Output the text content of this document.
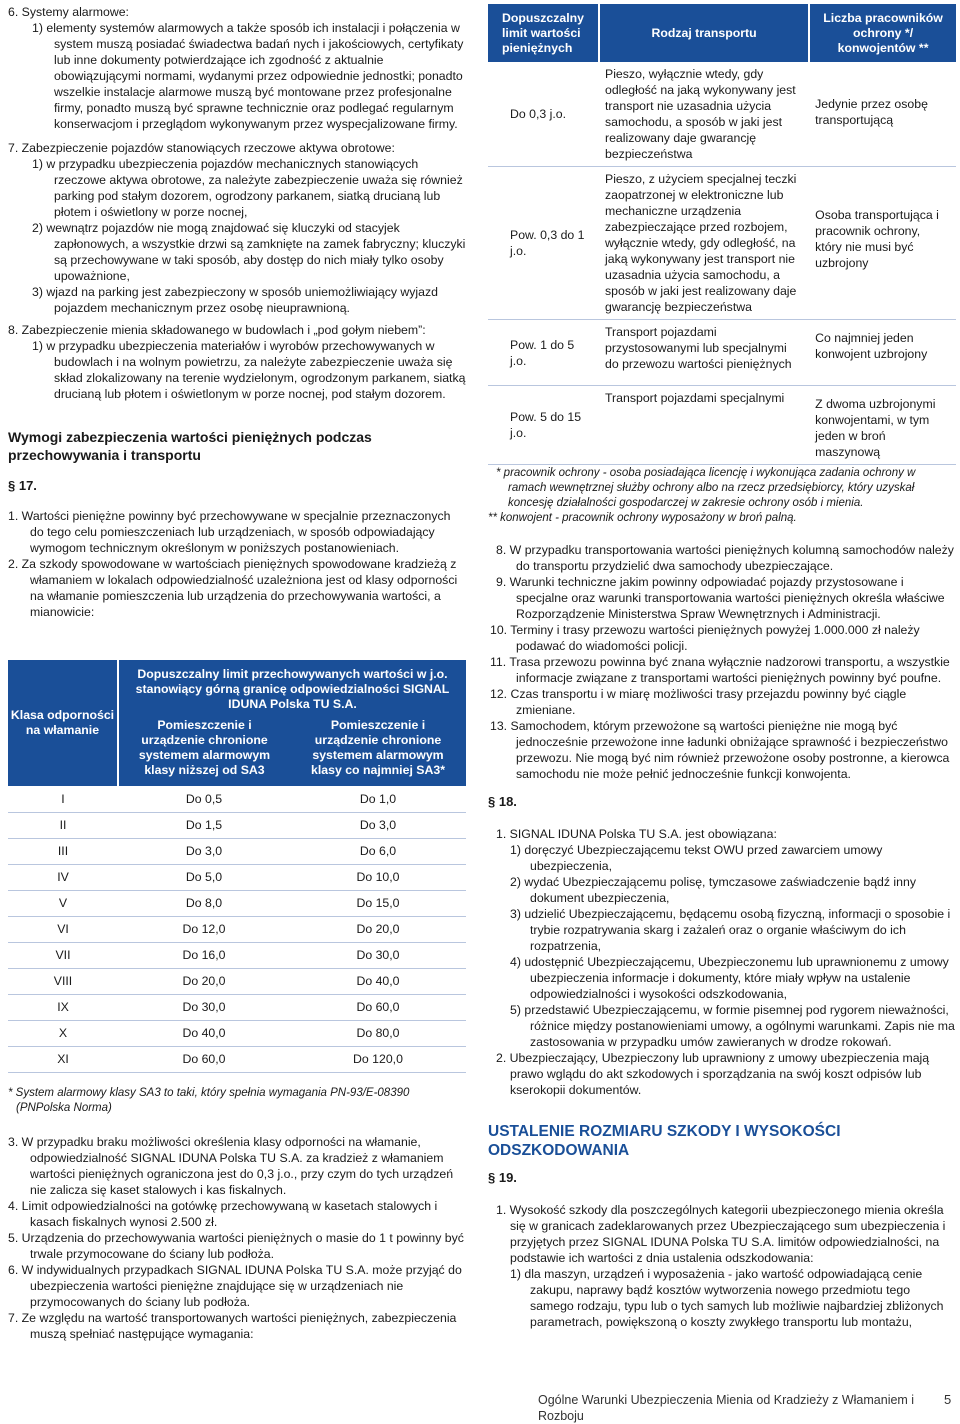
6. Systemy alarmowe:
1) elementy systemów alarmowych a także sposób ich instalacji i połączenia w system muszą posiadać świadectwa badań nych i jakościowych, certyfikaty lub inne dokumenty potwierdzające ich zgodność z aktualnie obowiązującymi normami, wydanymi przez odpowiednie jednostki; ponadto wszelkie instalacje alarmowe muszą być montowane przez profesjonalne firmy, ponadto muszą być sprawne technicznie oraz podlegać regularnym konserwacjom i przeglądom wykonywanym przez wyspecjalizowane firmy.
7. Zabezpieczenie pojazdów stanowiących rzeczowe aktywa obrotowe:
1) w przypadku ubezpieczenia pojazdów mechanicznych stanowiących rzeczowe aktywa obrotowe, za należyte zabezpieczenie uważa się również parking pod stałym dozorem, ogrodzony parkanem, siatką drucianą lub płotem i oświetlony w porze nocnej,
2) wewnątrz pojazdów nie mogą znajdować się kluczyki od stacyjek zapłonowych, a wszystkie drzwi są zamknięte na zamek fabryczny; kluczyki są przechowywane w taki sposób, aby dostęp do nich miały tylko osoby upoważnione,
3) wjazd na parking jest zabezpieczony w sposób uniemożliwiający wyjazd pojazdem mechanicznym przez osobę nieuprawnioną.
8. Zabezpieczenie mienia składowanego w budowlach i „pod gołym niebem”:
1) w przypadku ubezpieczenia materiałów i wyrobów przechowywanych w budowlach i na wolnym powietrzu, za należyte zabezpieczenie uważa się skład zlokalizowany na terenie wydzielonym, ogrodzonym parkanem, siatką drucianą lub płotem i oświetlonym w porze nocnej, pod stałym dozorem.
Wymogi zabezpieczenia wartości pieniężnych podczas przechowywania i transportu
§ 17.
1. Wartości pieniężne powinny być przechowywane w specjalnie przeznaczonych do tego celu pomieszczeniach lub urządzeniach, w sposób odpowiadający wymogom technicznym określonym w poniższych postanowieniach.
2. Za szkody spowodowane w wartościach pieniężnych spowodowane kradzieżą z włamaniem w lokalach odpowiedzialność uzależniona jest od klasy odporności na włamanie pomieszczenia lub urządzenia do przechowywania wartości, a mianowicie:
Klasa odporności na włamanie	Dopuszczalny limit przechowywanych wartości w j.o. stanowiący górną granicę odpowiedzialności SIGNAL IDUNA Polska TU S.A.	
	Pomieszczenie i urządzenie chronione systemem alarmowym klasy niższej od SA3	Pomieszczenie i urządzenie chronione systemem alarmowym klasy co najmniej SA3*
I	Do 0,5	Do 1,0
II	Do 1,5	Do 3,0
III	Do 3,0	Do 6,0
IV	Do 5,0	Do 10,0
V	Do 8,0	Do 15,0
VI	Do 12,0	Do 20,0
VII	Do 16,0	Do 30,0
VIII	Do 20,0	Do 40,0
IX	Do 30,0	Do 60,0
X	Do 40,0	Do 80,0
XI	Do 60,0	Do 120,0
* System alarmowy klasy SA3 to taki, który spełnia wymagania PN-93/E-08390 (PNPolska Norma)
3. W przypadku braku możliwości określenia klasy odporności na włamanie, odpowiedzialność SIGNAL IDUNA Polska TU S.A. za kradzież z włamaniem wartości pieniężnych ograniczona jest do 0,3 j.o., przy czym do tych urządzeń nie zalicza się kaset stalowych i kas fiskalnych.
4. Limit odpowiedzialności na gotówkę przechowywaną w kasetach stalowych i kasach fiskalnych wynosi 2.500 zł.
5. Urządzenia do przechowywania wartości pieniężnych o masie do 1 t powinny być trwale przymocowane do ściany lub podłoża.
6. W indywidualnych przypadkach SIGNAL IDUNA Polska TU S.A. może przyjąć do ubezpieczenia wartości pieniężne znajdujące się w urządzeniach nie przymocowanych do ściany lub podłoża.
7. Ze względu na wartość transportowanych wartości pieniężnych, zabezpieczenia muszą spełniać następujące wymagania:
Dopuszczalny limit wartości pieniężnych	Rodzaj transportu	Liczba pracowników ochrony */ konwojentów **
Do 0,3 j.o.	Pieszo, wyłącznie wtedy, gdy odległość na jaką wykonywany jest transport nie uzasadnia użycia samochodu, a sposób w jaki jest realizowany daje gwarancję bezpieczeństwa	Jedynie przez osobę transportującą
Pow. 0,3 do 1 j.o.	Pieszo, z użyciem specjalnej teczki zaopatrzonej w elektroniczne lub mechaniczne urządzenia zabezpieczające przed rozbojem, wyłącznie wtedy, gdy odległość, na jaką wykonywany jest transport nie uzasadnia użycia samochodu, a sposób w jaki jest realizowany daje gwarancję bezpieczeństwa	Osoba transportująca i pracownik ochrony, który nie musi być uzbrojony
Pow. 1 do 5 j.o.	Transport pojazdami przystosowanymi lub specjalnymi do przewozu wartości pieniężnych	Co najmniej jeden konwojent uzbrojony
Pow. 5 do 15 j.o.	Transport pojazdami specjalnymi	Z dwoma uzbrojonymi konwojentami, w tym jeden w broń maszynową
* pracownik ochrony - osoba posiadająca licencję i wykonująca zadania ochrony w ramach wewnętrznej służby ochrony albo na rzecz przedsiębiorcy, który uzyskał koncesję działalności gospodarczej w zakresie ochrony osób i mienia.
** konwojent - pracownik ochrony wyposażony w broń palną.
8. W przypadku transportowania wartości pieniężnych kolumną samochodów należy do transportu przydzielić dwa samochody ubezpieczające.
9. Warunki techniczne jakim powinny odpowiadać pojazdy przystosowane i specjalne oraz warunki transportowania wartości pieniężnych określa właściwe Rozporządzenie Ministerstwa Spraw Wewnętrznych i Administracji.
10. Terminy i trasy przewozu wartości pieniężnych powyżej 1.000.000 zł należy podawać do wiadomości policji.
11. Trasa przewozu powinna być znana wyłącznie nadzorowi transportu, a wszystkie informacje związane z transportami wartości pieniężnych powinny być poufne.
12. Czas transportu i w miarę możliwości trasy przejazdu powinny być ciągle zmieniane.
13. Samochodem, którym przewożone są wartości pieniężne nie mogą być jednocześnie przewożone inne ładunki obniżające sprawność i bezpieczeństwo przewozu. Nie mogą być nim również przewożone osoby postronne, a kierowca samochodu nie może pełnić jednocześnie funkcji konwojenta.
§ 18.
1. SIGNAL IDUNA Polska TU S.A. jest obowiązana:
1) doręczyć Ubezpieczającemu tekst OWU przed zawarciem umowy ubezpieczenia,
2) wydać Ubezpieczającemu polisę, tymczasowe zaświadczenie bądź inny dokument ubezpieczenia,
3) udzielić Ubezpieczającemu, będącemu osobą fizyczną, informacji o sposobie i trybie rozpatrywania skarg i zażaleń oraz o organie właściwym do ich rozpatrzenia,
4) udostępnić Ubezpieczającemu, Ubezpieczonemu lub uprawnionemu z umowy ubezpieczenia informacje i dokumenty, które miały wpływ na ustalenie odpowiedzialności i wysokości odszkodowania,
5) przedstawić Ubezpieczającemu, w formie pisemnej pod rygorem nieważności, różnice między postanowieniami umowy, a ogólnymi warunkami. Zapis nie ma zastosowania w przypadku umów zawieranych w drodze rokowań.
2. Ubezpieczający, Ubezpieczony lub uprawniony z umowy ubezpieczenia mają prawo wglądu do akt szkodowych i sporządzania na swój koszt odpisów lub kserokopii dokumentów.
USTALENIE ROZMIARU SZKODY I WYSOKOŚCI ODSZKODOWANIA
§ 19.
1. Wysokość szkody dla poszczególnych kategorii ubezpieczonego mienia określa się w granicach zadeklarowanych przez Ubezpieczającego sum ubezpieczenia i przyjętych przez SIGNAL IDUNA Polska TU S.A. limitów odpowiedzialności, na podstawie ich wartości z dnia ustalenia odszkodowania:
1) dla maszyn, urządzeń i wyposażenia - jako wartość odpowiadającą cenie zakupu, naprawy bądź kosztów wytworzenia nowego przedmiotu tego samego rodzaju, typu lub o tych samych lub możliwie najbardziej zbliżonych parametrach, powiększoną o koszty zwykłego transportu lub montażu,
Ogólne Warunki Ubezpieczenia Mienia od Kradzieży z Włamaniem i Rozboju
5
